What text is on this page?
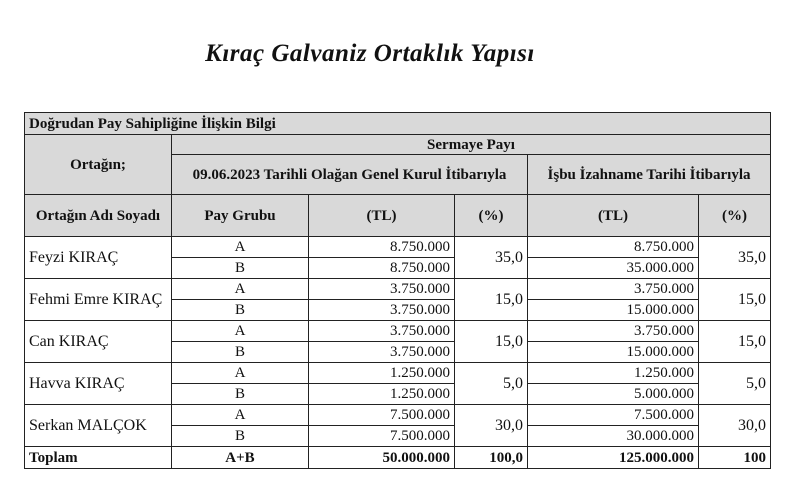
Kıraç Galvaniz Ortaklık Yapısı
Doğrudan Pay Sahipliğine İlişkin Bilgi					
Ortağın;	Sermaye Payı				
	09.06.2023 Tarihli Olağan Genel Kurul İtibarıyla			İşbu İzahname Tarihi İtibarıyla	
Ortağın Adı Soyadı	Pay Grubu	(TL)	(%)	(TL)	(%)
Feyzi KIRAÇ	A	8.750.000	35,0	8.750.000	35,0
	B	8.750.000		35.000.000	
Fehmi Emre KIRAÇ	A	3.750.000	15,0	3.750.000	15,0
	B	3.750.000		15.000.000	
Can KIRAÇ	A	3.750.000	15,0	3.750.000	15,0
	B	3.750.000		15.000.000	
Havva KIRAÇ	A	1.250.000	5,0	1.250.000	5,0
	B	1.250.000		5.000.000	
Serkan MALÇOK	A	7.500.000	30,0	7.500.000	30,0
	B	7.500.000		30.000.000	
Toplam	A+B	50.000.000	100,0	125.000.000	100
